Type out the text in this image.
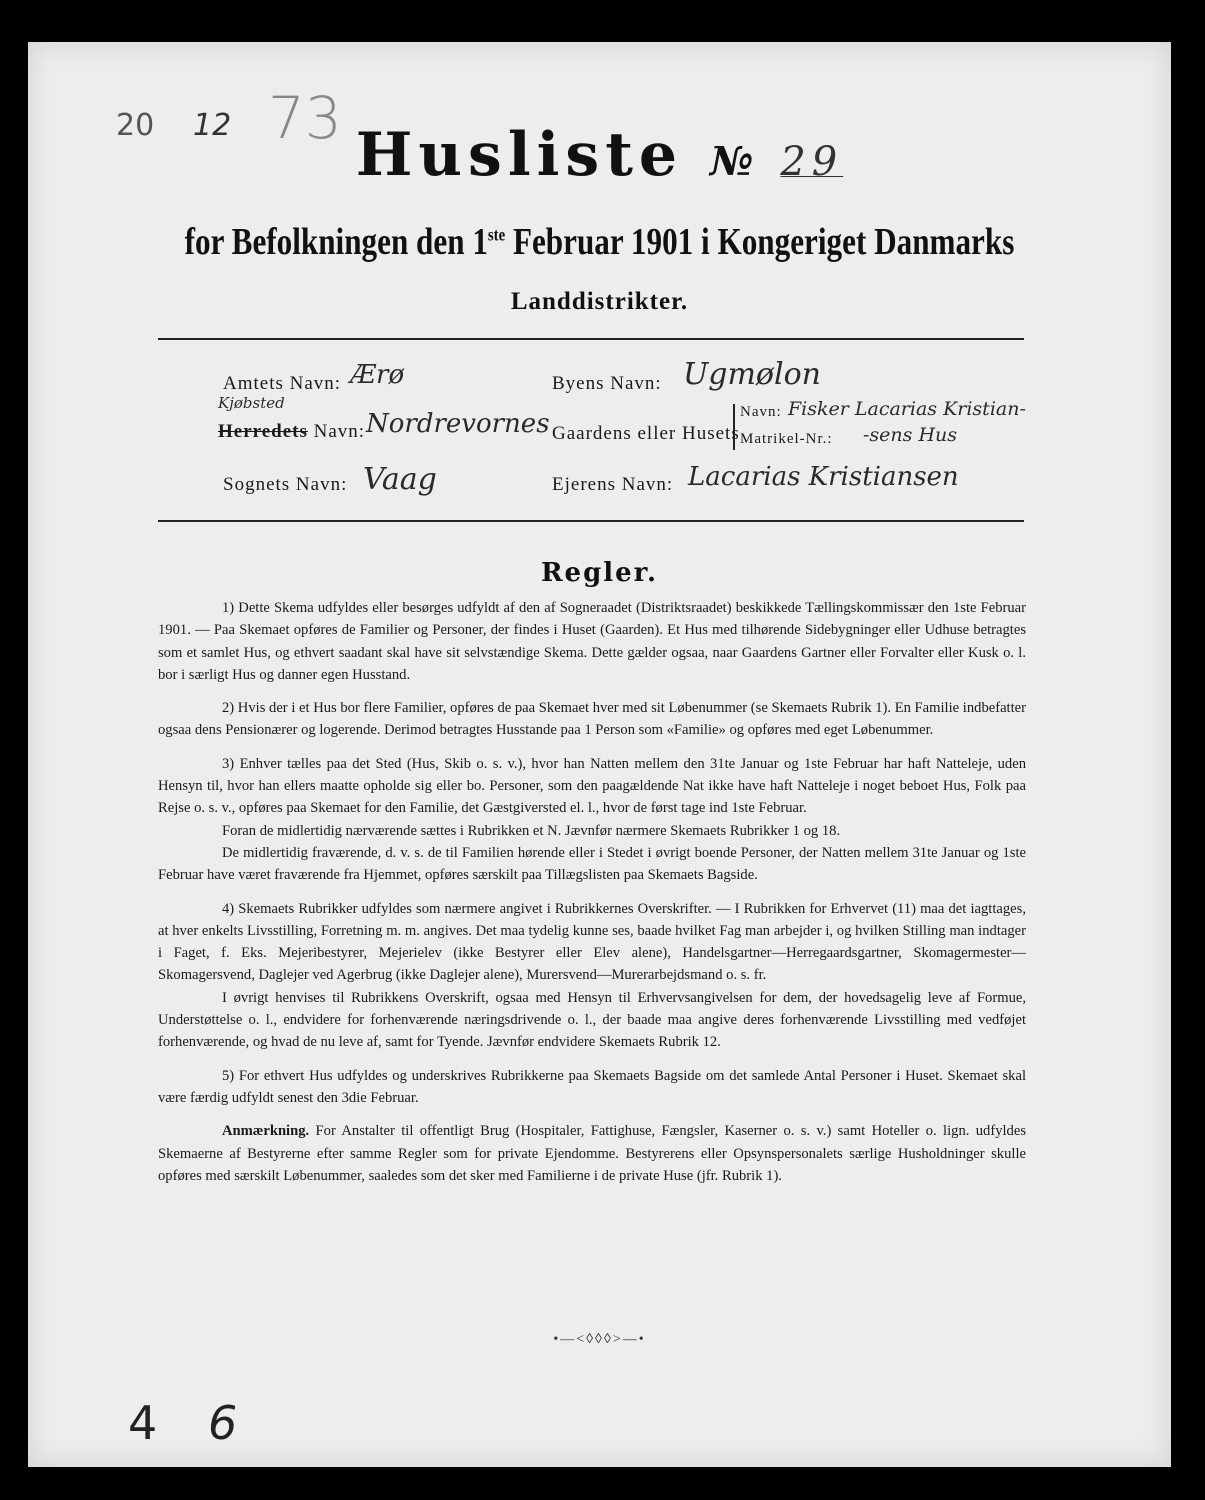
20 12 73
Husliste № 29
for Befolkningen den 1ste Februar 1901 i Kongeriget Danmarks
Landdistrikter.
Amtets Navn: Ærø	Byens Navn: Ugmølon
Kjøbsted
Herredets Navn: Nordrevornes Gaardens eller Husets
Navn: Fisker Lacarias Kristian-
Matrikel-Nr.: -sens Hus
Sognets Navn: Vaag	Ejerens Navn: Lacarias Kristiansen
Regler.

1) Dette Skema udfyldes eller besørges udfyldt af den af Sogneraadet (Distriktsraadet) beskikkede Tællingskommissær den 1ste Februar 1901. — Paa Skemaet opføres de Familier og Personer, der findes i Huset (Gaarden). Et Hus med tilhørende Sidebygninger eller Udhuse betragtes som et samlet Hus, og ethvert saadant skal have sit selvstændige Skema. Dette gælder ogsaa, naar Gaardens Gartner eller Forvalter eller Kusk o. l. bor i særligt Hus og danner egen Husstand.

2) Hvis der i et Hus bor flere Familier, opføres de paa Skemaet hver med sit Løbenummer (se Skemaets Rubrik 1). En Familie indbefatter ogsaa dens Pensionærer og logerende. Derimod betragtes Husstande paa 1 Person som «Familie» og opføres med eget Løbenummer.

3) Enhver tælles paa det Sted (Hus, Skib o. s. v.), hvor han Natten mellem den 31te Januar og 1ste Februar har haft Natteleje, uden Hensyn til, hvor han ellers maatte opholde sig eller bo. Personer, som den paagældende Nat ikke have haft Natteleje i noget beboet Hus, Folk paa Rejse o. s. v., opføres paa Skemaet for den Familie, det Gæstgiversted el. l., hvor de først tage ind 1ste Februar.

Foran de midlertidig nærværende sættes i Rubrikken et N. Jævnfør nærmere Skemaets Rubrikker 1 og 18.

De midlertidig fraværende, d. v. s. de til Familien hørende eller i Stedet i øvrigt boende Personer, der Natten mellem 31te Januar og 1ste Februar have været fraværende fra Hjemmet, opføres særskilt paa Tillægslisten paa Skemaets Bagside.

4) Skemaets Rubrikker udfyldes som nærmere angivet i Rubrikkernes Overskrifter. — I Rubrikken for Erhvervet (11) maa det iagttages, at hver enkelts Livsstilling, Forretning m. m. angives. Det maa tydelig kunne ses, baade hvilket Fag man arbejder i, og hvilken Stilling man indtager i Faget, f. Eks. Mejeribestyrer, Mejerielev (ikke Bestyrer eller Elev alene), Handelsgartner—Herregaardsgartner, Skomagermester—Skomagersvend, Daglejer ved Agerbrug (ikke Daglejer alene), Murersvend—Murerarbejdsmand o. s. fr.

I øvrigt henvises til Rubrikkens Overskrift, ogsaa med Hensyn til Erhvervsangivelsen for dem, der hovedsagelig leve af Formue, Understøttelse o. l., endvidere for forhenværende næringsdrivende o. l., der baade maa angive deres forhenværende Livsstilling med vedføjet forhenværende, og hvad de nu leve af, samt for Tyende. Jævnfør endvidere Skemaets Rubrik 12.

5) For ethvert Hus udfyldes og underskrives Rubrikkerne paa Skemaets Bagside om det samlede Antal Personer i Huset. Skemaet skal være færdig udfyldt senest den 3die Februar.

Anmærkning. For Anstalter til offentligt Brug (Hospitaler, Fattighuse, Fængsler, Kaserner o. s. v.) samt Hoteller o. lign. udfyldes Skemaerne af Bestyrerne efter samme Regler som for private Ejendomme. Bestyrerens eller Opsynspersonalets særlige Husholdninger skulle opføres med særskilt Løbenummer, saaledes som det sker med Familierne i de private Huse (jfr. Rubrik 1).

•—<◊◊◊>—•
4 6
